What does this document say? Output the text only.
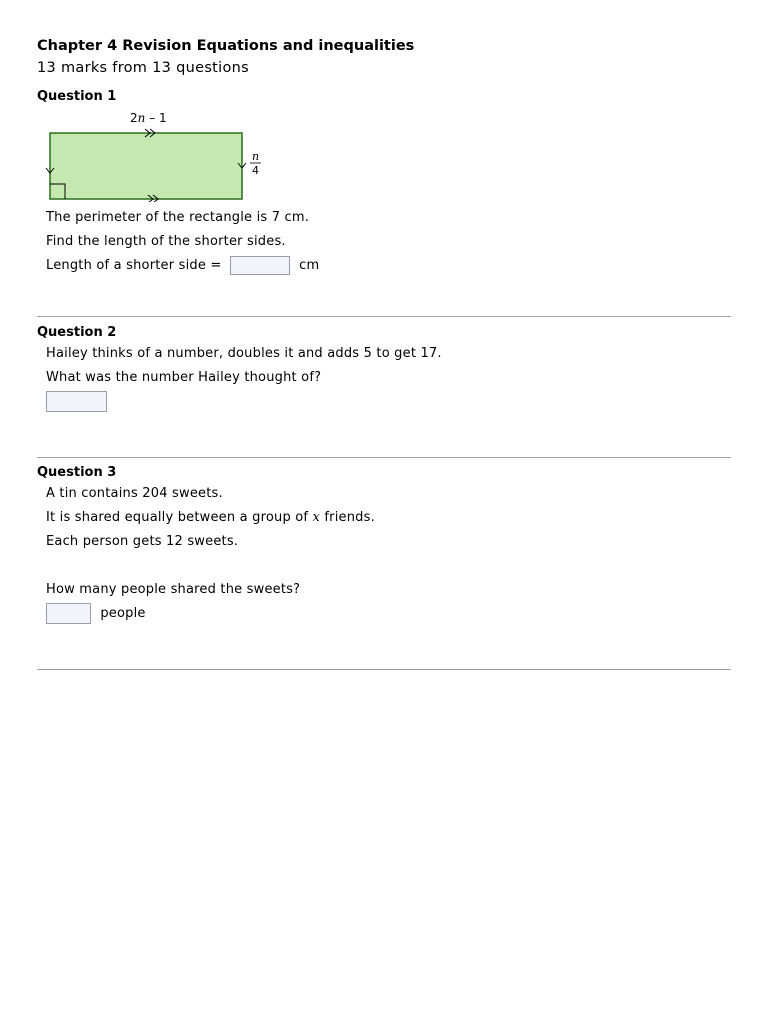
Chapter 4 Revision Equations and inequalities
13 marks from 13 questions
Question 1
2n – 1
n
4
The perimeter of the rectangle is 7 cm.
Find the length of the shorter sides.
Length of a shorter side =	cm
Question 2
Hailey thinks of a number, doubles it and adds 5 to get 17.
What was the number Hailey thought of?
Question 3
A tin contains 204 sweets.
It is shared equally between a group of x friends.
Each person gets 12 sweets.
How many people shared the sweets?
people
